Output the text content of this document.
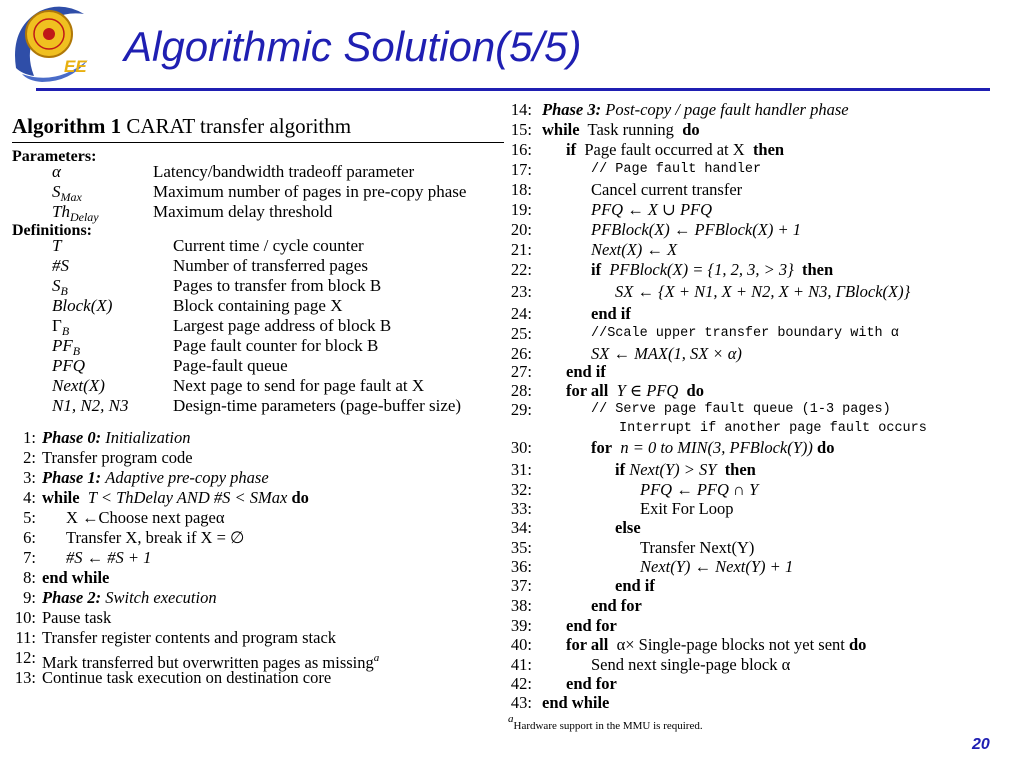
EE Algorithmic Solution(5/5)
Algorithm 1 CARAT transfer algorithm
Parameters:
α	Latency/bandwidth tradeoff parameter
$S_{Max}$	Maximum number of pages in pre-copy phase
$Th_{Delay}$	Maximum delay threshold
Definitions:
T	Current time / cycle counter
#S	Number of transferred pages
$S_B$	Pages to transfer from block B
Block(X)	Block containing page X
$\Gamma_B$	Largest page address of block B
$PF_B$	Page fault counter for block B
PFQ	Page-fault queue
Next(X)	Next page to send for page fault at X
N1, N2, N3	Design-time parameters (page-buffer size)
1: Phase 0: Initialization
2: Transfer program code
3: Phase 1: Adaptive pre-copy phase
4: while T < ThDelay AND #S < SMax do
5: X ←Choose next pageα
6: Transfer X, break if X = ∅
7: #S ← #S + 1
8: end while
9: Phase 2: Switch execution
10: Pause task
11: Transfer register contents and program stack
12: Mark transferred but overwritten pages as missing$^a$
13: Continue task execution on destination core
14: Phase 3: Post-copy / page fault handler phase
15: while Task running do
16: if Page fault occurred at X then
17:	// Page fault handler
18:	Cancel current transfer
19:	PFQ ← X ∪ PFQ
20:	PFBlock(X) ← PFBlock(X) + 1
21:	Next(X) ← X
22:	if PFBlock(X) = {1, 2, 3, > 3} then
23:	SX ← {X + N1, X + N2, X + N3, ΓBlock(X)}
24:	end if
25:	//Scale upper transfer boundary with α
26:	SX ← MAX(1, SX × α)
27: end if
28: for all Y ∈ PFQ do
29:	// Serve page fault queue (1-3 pages)
Interrupt if another page fault occurs
30:	for n = 0 to MIN(3, PFBlock(Y)) do
31:	if Next(Y) > SY then
32:	PFQ ← PFQ ∩ Y
33:	Exit For Loop
34:	else
35:	Transfer Next(Y)
36:	Next(Y) ← Next(Y) + 1
37:	end if
38:	end for
39: end for
40: for all α× Single-page blocks not yet sent do
41:	Send next single-page block α
42: end for
43: end while
aHardware support in the MMU is required.
20
